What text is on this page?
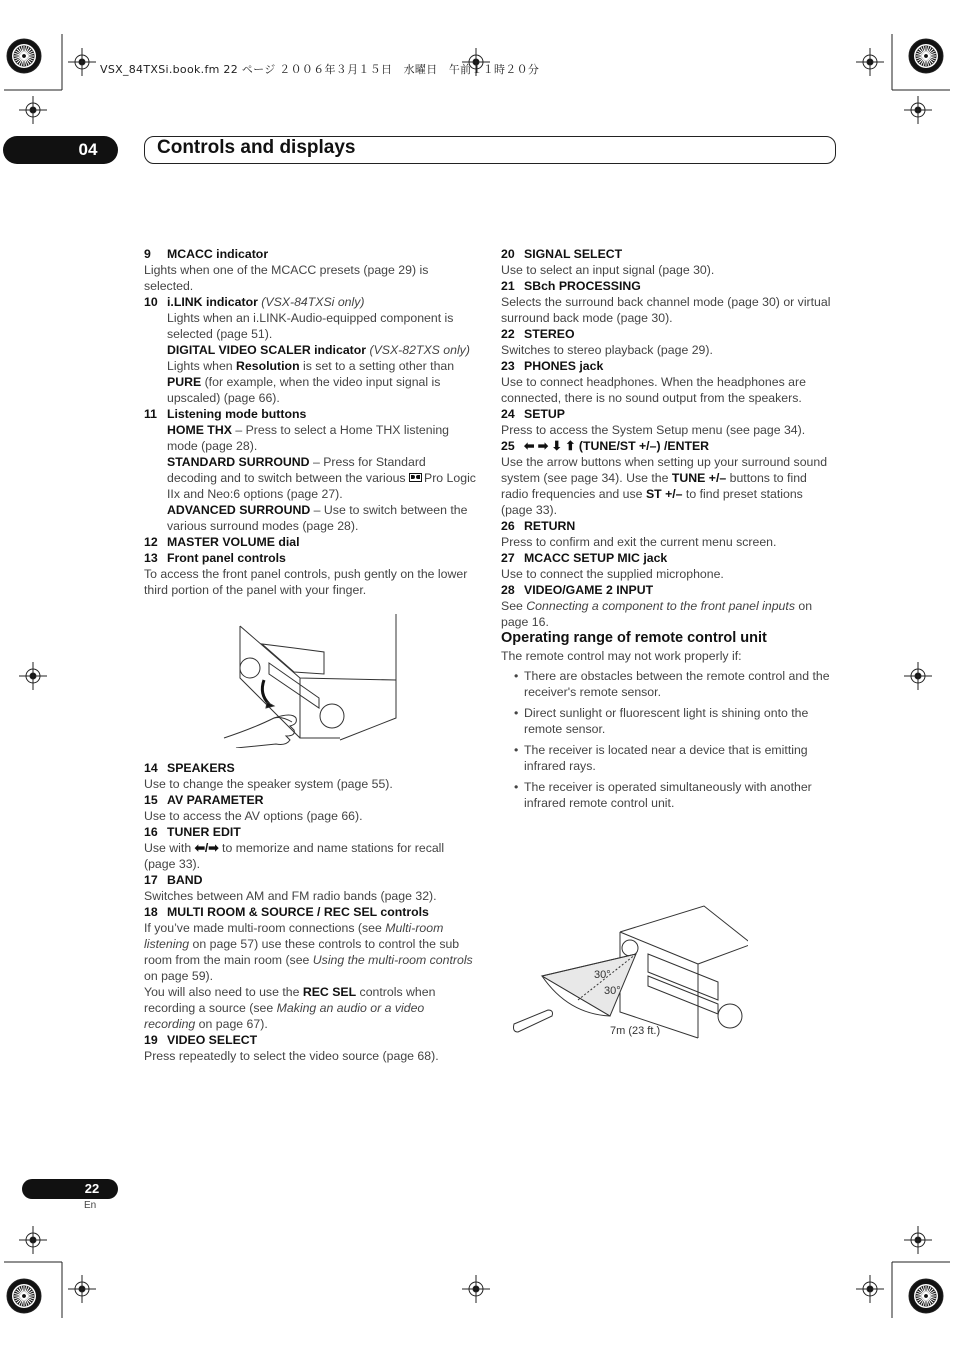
VSX_84TXSi.book.fm 22 ページ ２００６年３月１５日　水曜日　午前１１時２０分
04	Controls and displays

9 MCACC indicator

Lights when one of the MCACC presets (page 29) is selected.

10 i.LINK indicator (VSX-84TXSi only)

Lights when an i.LINK-Audio-equipped component is selected (page 51).

DIGITAL VIDEO SCALER indicator (VSX-82TXS only)
Lights when Resolution is set to a setting other than PURE (for example, when the video input signal is upscaled) (page 66).

11 Listening mode buttons

HOME THX – Press to select a Home THX listening mode (page 28).

STANDARD SURROUND – Press for Standard decoding and to switch between the various
Pro Logic IIx and Neo:6 options (page 27).

ADVANCED SURROUND – Use to switch between the various surround modes (page 28).

12 MASTER VOLUME dial

13 Front panel controls

To access the front panel controls, push gently on the lower third portion of the panel with your finger.

14 SPEAKERS

Use to change the speaker system (page 55).

15 AV PARAMETER

Use to access the AV options (page 66).

16 TUNER EDIT

Use with ⬅/➡ to memorize and name stations for recall (page 33).

17 BAND

Switches between AM and FM radio bands (page 32).

18 MULTI ROOM & SOURCE / REC SEL controls

If you’ve made multi-room connections (see Multi-room listening on page 57) use these controls to control the sub room from the main room (see Using the multi-room controls on page 59).

You will also need to use the REC SEL controls when recording a source (see Making an audio or a video recording on page 67).

19 VIDEO SELECT

Press repeatedly to select the video source (page 68).

20 SIGNAL SELECT

Use to select an input signal (page 30).

21 SBch PROCESSING

Selects the surround back channel mode (page 30) or virtual surround back mode (page 30).

22 STEREO

Switches to stereo playback (page 29).

23 PHONES jack

Use to connect headphones. When the headphones are connected, there is no sound output from the speakers.

24 SETUP

Press to access the System Setup menu (see page 34).

25 ⬅ ➡ ⬇ ⬆ (TUNE/ST +/–) /ENTER

Use the arrow buttons when setting up your surround sound system (see page 34). Use the TUNE +/– buttons to find radio frequencies and use ST +/– to find preset stations (page 33).

26 RETURN

Press to confirm and exit the current menu screen.

27 MCACC SETUP MIC jack

Use to connect the supplied microphone.

28 VIDEO/GAME 2 INPUT

See Connecting a component to the front panel inputs on page 16.

Operating range of remote control unit

The remote control may not work properly if:

• There are obstacles between the remote control and the receiver's remote sensor.
• Direct sunlight or fluorescent light is shining onto the remote sensor.
• The receiver is located near a device that is emitting infrared rays.
• The receiver is operated simultaneously with another infrared remote control unit.
30°
30°
7m (23 ft.)
22
En
